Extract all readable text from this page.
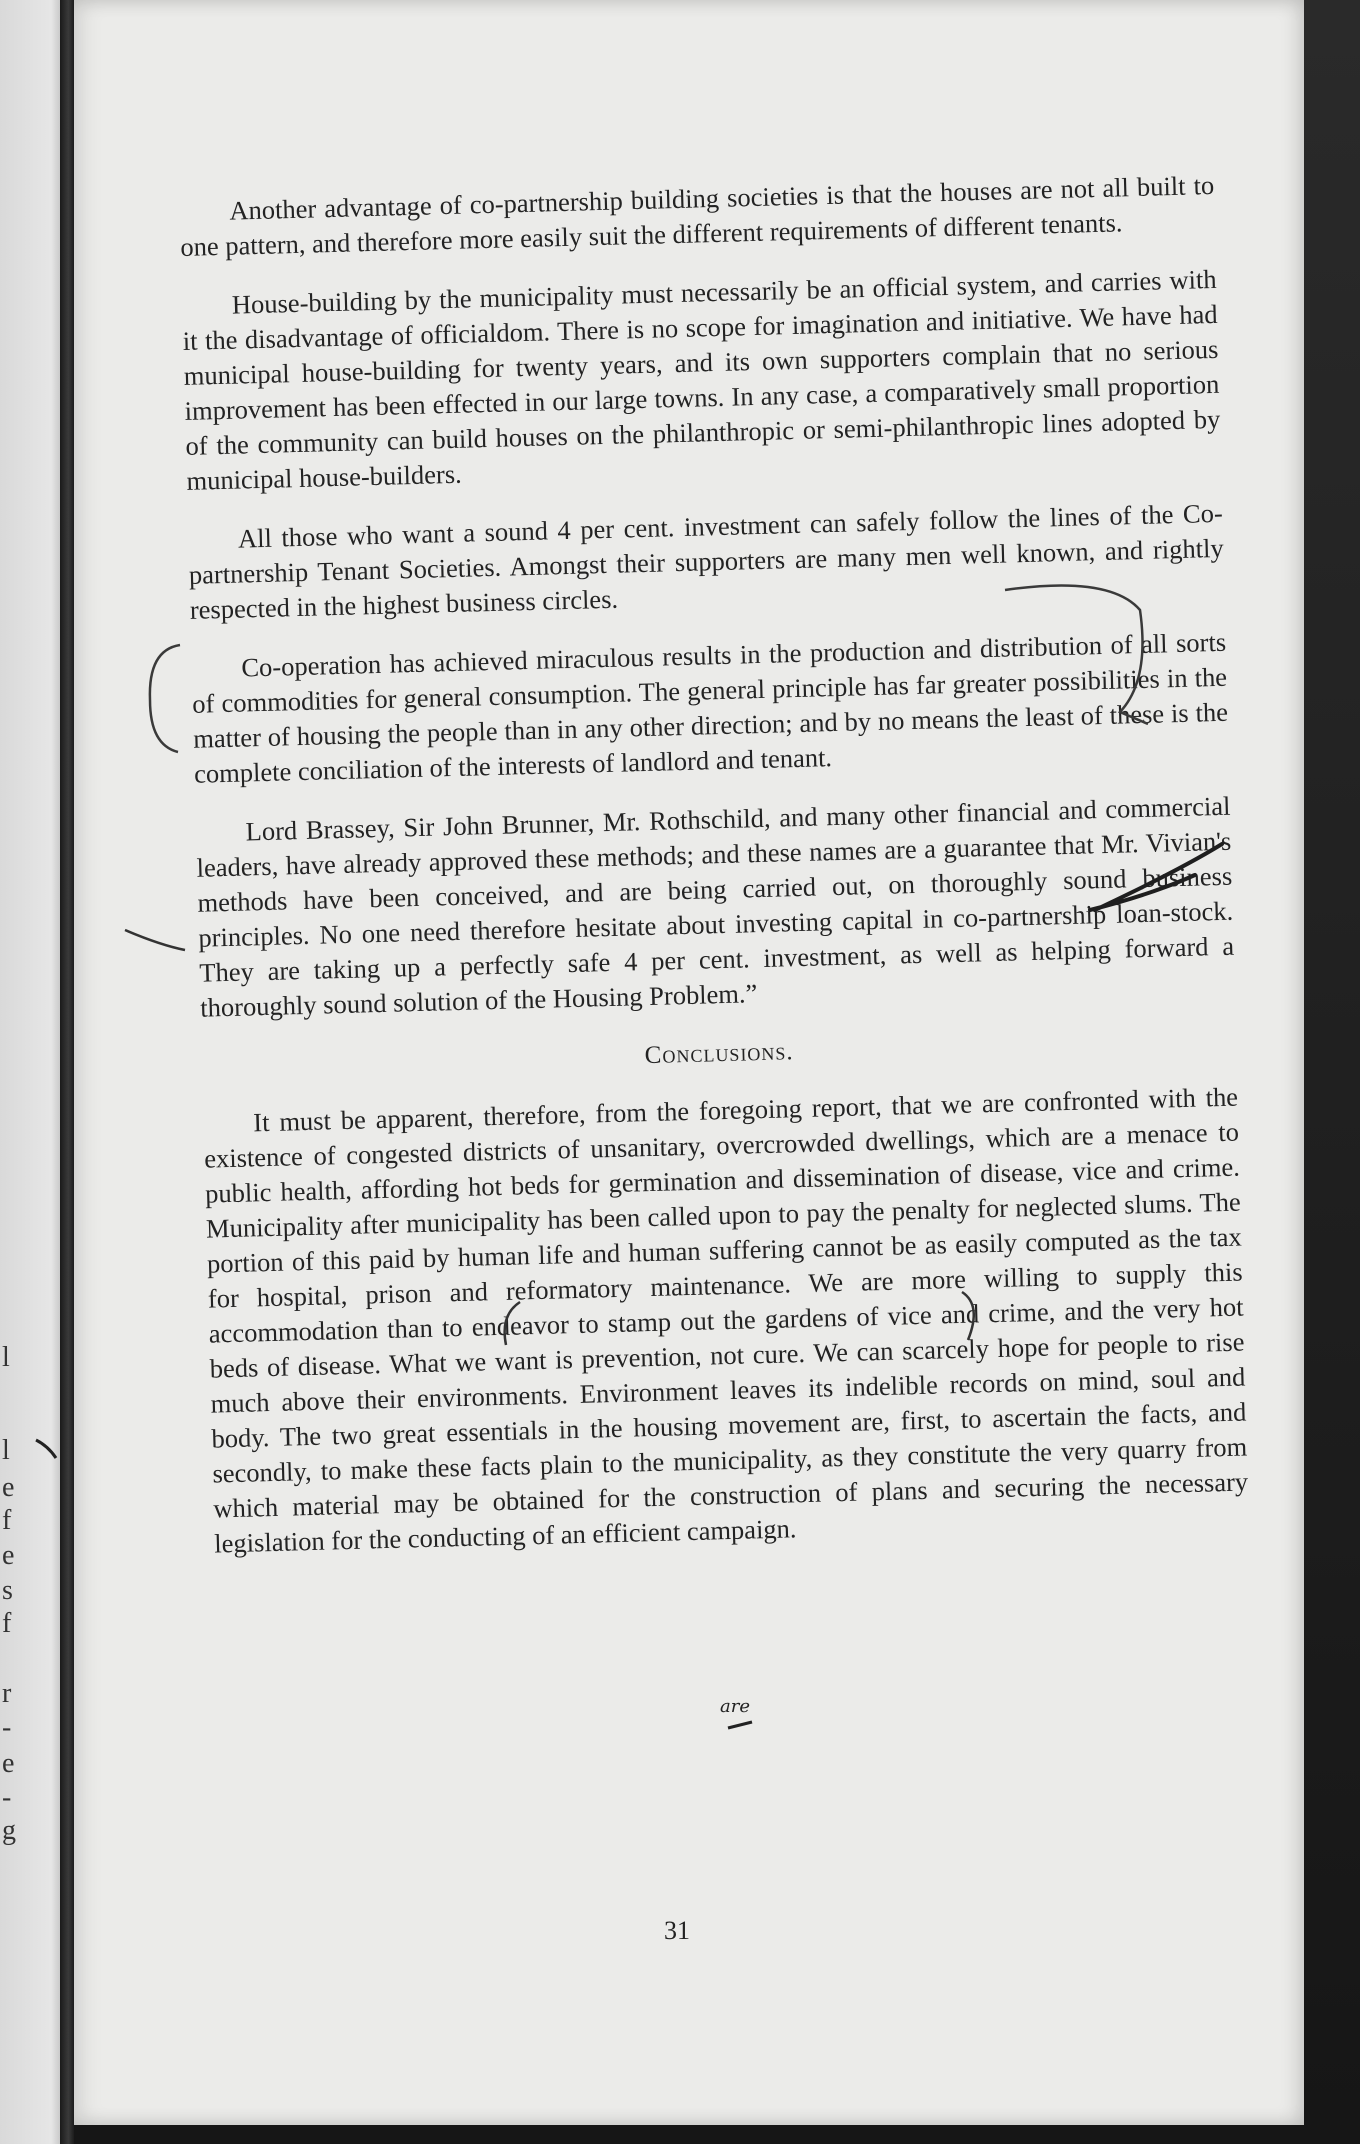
l
l
e
f
e
s
f
r
-
e
-
g

Another advantage of co-partnership building societies is that the houses are not all built to one pattern, and therefore more easily suit the different requirements of different tenants.

House-building by the municipality must necessarily be an official system, and carries with it the disadvantage of officialdom. There is no scope for imagination and initiative. We have had municipal house-building for twenty years, and its own supporters complain that no serious improvement has been effected in our large towns. In any case, a comparatively small proportion of the community can build houses on the philanthropic or semi-philanthropic lines adopted by municipal house-builders.

All those who want a sound 4 per cent. investment can safely follow the lines of the Co-partnership Tenant Societies. Amongst their supporters are many men well known, and rightly respected in the highest business circles.

Co-operation has achieved miraculous results in the production and distribution of all sorts of commodities for general consumption. The general principle has far greater possibilities in the matter of housing the people than in any other direction; and by no means the least of these is the complete conciliation of the interests of landlord and tenant.

Lord Brassey, Sir John Brunner, Mr. Rothschild, and many other financial and commercial leaders, have already approved these methods; and these names are a guarantee that Mr. Vivian's methods have been conceived, and are being carried out, on thoroughly sound business principles. No one need therefore hesitate about investing capital in co-partnership loan-stock. They are taking up a perfectly safe 4 per cent. investment, as well as helping forward a thoroughly sound solution of the Housing Problem.”

Conclusions.

It must be apparent, therefore, from the foregoing report, that we are confronted with the existence of congested districts of unsanitary, overcrowded dwellings, which are a menace to public health, affording hot beds for germination and dissemination of disease, vice and crime. Municipality after municipality has been called upon to pay the penalty for neglected slums. The portion of this paid by human life and human suffering cannot be as easily computed as the tax for hospital, prison and reformatory maintenance. We are more willing to supply this accommodation than to endeavor to stamp out the gardens of vice and crime, and the very hot beds of disease. What we want is prevention, not cure. We can scarcely hope for people to rise much above their environments. Environment leaves its indelible records on mind, soul and body. The two great essentials in the housing movement are, first, to ascertain the facts, and secondly, to make these facts plain to the municipality, as they constitute the very quarry from which material may be obtained for the construction of plans and securing the necessary legislation for the conducting of an efficient campaign.

31
are
